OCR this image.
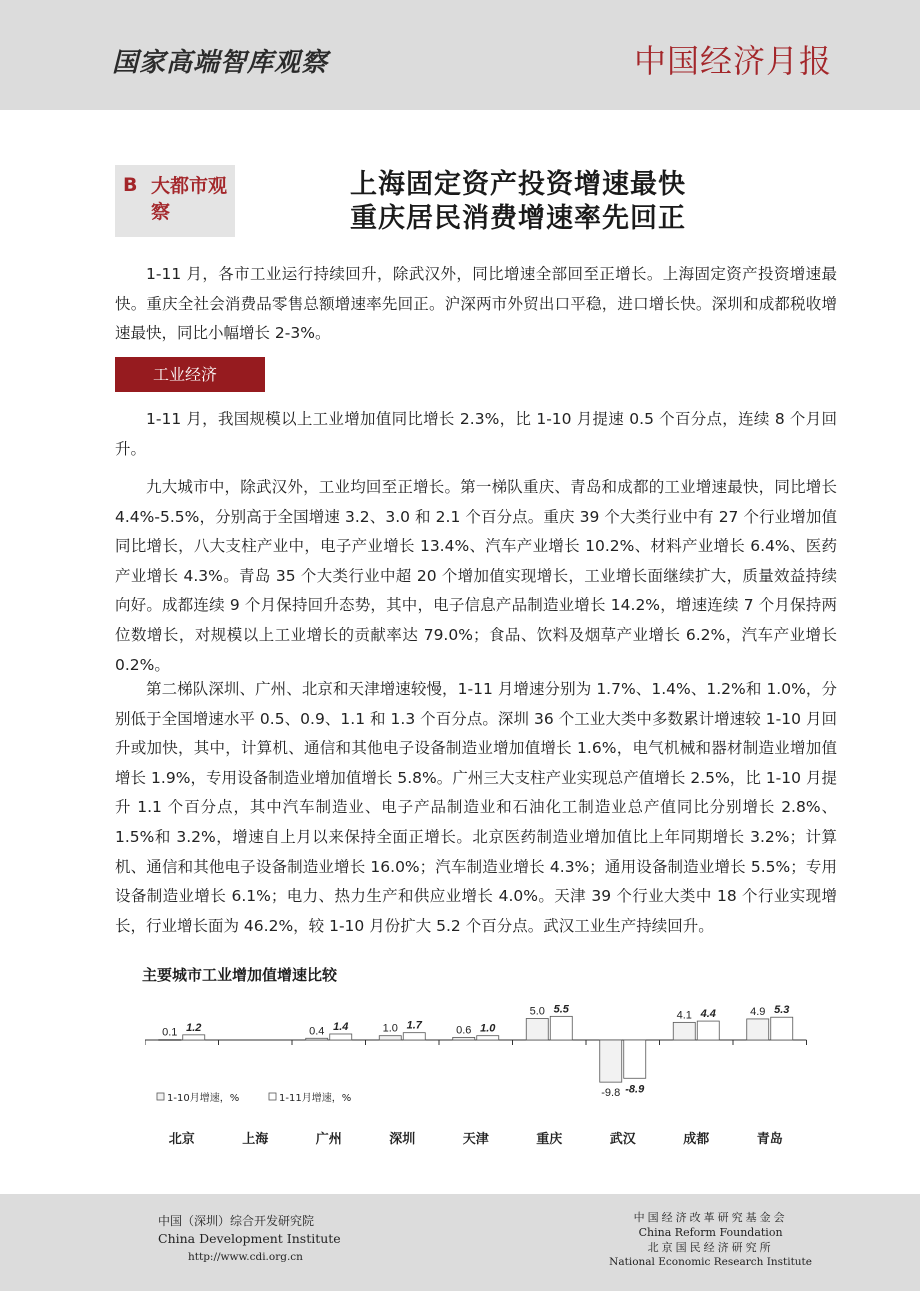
国家高端智库观察	中国经济月报
B 大都市观察
上海固定资产投资增速最快
重庆居民消费增速率先回正

1-11 月，各市工业运行持续回升，除武汉外，同比增速全部回至正增长。上海固定资产投资增速最快。重庆全社会消费品零售总额增速率先回正。沪深两市外贸出口平稳，进口增长快。深圳和成都税收增速最快，同比小幅增长 2-3%。

工业经济

1-11 月，我国规模以上工业增加值同比增长 2.3%，比 1-10 月提速 0.5 个百分点，连续 8 个月回升。

九大城市中，除武汉外，工业均回至正增长。第一梯队重庆、青岛和成都的工业增速最快，同比增长 4.4%-5.5%，分别高于全国增速 3.2、3.0 和 2.1 个百分点。重庆 39 个大类行业中有 27 个行业增加值同比增长，八大支柱产业中，电子产业增长 13.4%、汽车产业增长 10.2%、材料产业增长 6.4%、医药产业增长 4.3%。青岛 35 个大类行业中超 20 个增加值实现增长，工业增长面继续扩大，质量效益持续向好。成都连续 9 个月保持回升态势，其中，电子信息产品制造业增长 14.2%，增速连续 7 个月保持两位数增长，对规模以上工业增长的贡献率达 79.0%；食品、饮料及烟草产业增长 6.2%，汽车产业增长 0.2%。

第二梯队深圳、广州、北京和天津增速较慢，1-11 月增速分别为 1.7%、1.4%、1.2%和 1.0%，分别低于全国增速水平 0.5、0.9、1.1 和 1.3 个百分点。深圳 36 个工业大类中多数累计增速较 1-10 月回升或加快，其中，计算机、通信和其他电子设备制造业增加值增长 1.6%，电气机械和器材制造业增加值增长 1.9%，专用设备制造业增加值增长 5.8%。广州三大支柱产业实现总产值增长 2.5%，比 1-10 月提升 1.1 个百分点，其中汽车制造业、电子产品制造业和石油化工制造业总产值同比分别增长 2.8%、1.5%和 3.2%，增速自上月以来保持全面正增长。北京医药制造业增加值比上年同期增长 3.2%；计算机、通信和其他电子设备制造业增长 16.0%；汽车制造业增长 4.3%；通用设备制造业增长 5.5%；专用设备制造业增长 6.1%；电力、热力生产和供应业增长 4.0%。天津 39 个行业大类中 18 个行业实现增长，行业增长面为 46.2%，较 1-10 月份扩大 5.2 个百分点。武汉工业生产持续回升。

主要城市工业增加值增速比较
0.1 1.2
北京	上海
0.4 1.4
广州
1.0 1.7
深圳
0.6 1.0
天津
5.0 5.5
重庆
-9.8 -8.9
武汉
4.1 4.4
成都
4.9 5.3
青岛
1-10月增速，%	1-11月增速，%
中国（深圳）综合开发研究院
China Development Institute
http://www.cdi.org.cn
中国经济改革研究基金会
China Reform Foundation
北京国民经济研究所
National Economic Research Institute
